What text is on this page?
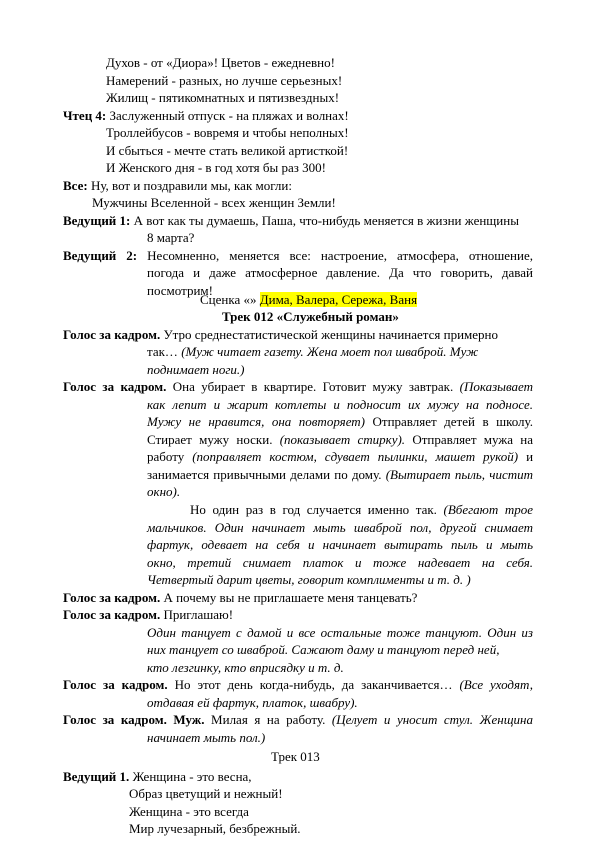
Духов - от «Диора»! Цветов - ежедневно!
Намерений - разных, но лучше серьезных!
Жилищ - пятикомнатных и пятизвездных!
Чтец 4: Заслуженный отпуск - на пляжах и волнах!
Троллейбусов - вовремя и чтобы неполных!
И сбыться - мечте стать великой артисткой!
И Женского дня - в год хотя бы раз 300!
Все: Ну, вот и поздравили мы, как могли:
Мужчины Вселенной - всех женщин Земли!
Ведущий 1: А вот как ты думаешь, Паша, что-нибудь меняется в жизни женщины
8 марта?
Ведущий 2: Несомненно, меняется все: настроение, атмосфера, отношение,
погода и даже атмосферное давление. Да что говорить, давай
посмотрим!
Сценка «» Дима, Валера, Сережа, Ваня
Трек 012 «Служебный роман»
Голос за кадром. Утро среднестатистической женщины начинается примерно
так… (Муж читает газету. Жена моет пол шваброй. Муж
поднимает ноги.)
Голос за кадром. Она убирает в квартире. Готовит мужу завтрак. (Показывает
как лепит и жарит котлеты и подносит их мужу на подносе.
Мужу не нравится, она повторяет) Отправляет детей в школу.
Стирает мужу носки. (показывает стирку). Отправляет мужа на
работу (поправляет костюм, сдувает пылинки, машет рукой) и
занимается привычными делами по дому. (Вытирает пыль, чистит
окно).
Но один раз в год случается именно так. (Вбегают трое
мальчиков. Один начинает мыть шваброй пол, другой снимает
фартук, одевает на себя и начинает вытирать пыль и мыть
окно, третий снимает платок и тоже надевает на себя.
Четвертый дарит цветы, говорит комплименты и т. д. )
Голос за кадром. А почему вы не приглашаете меня танцевать?
Голос за кадром. Приглашаю!
Один танцует с дамой и все остальные тоже танцуют. Один из
них танцует со шваброй. Сажают даму и танцуют перед ней,
кто лезгинку, кто вприсядку и т. д.
Голос за кадром. Но этот день когда-нибудь, да заканчивается… (Все уходят,
отдавая ей фартук, платок, швабру).
Голос за кадром. Муж. Милая я на работу. (Целует и уносит стул. Женщина
начинает мыть пол.)
Трек 013
Ведущий 1. Женщина - это весна,
Образ цветущий и нежный!
Женщина - это всегда
Мир лучезарный, безбрежный.
